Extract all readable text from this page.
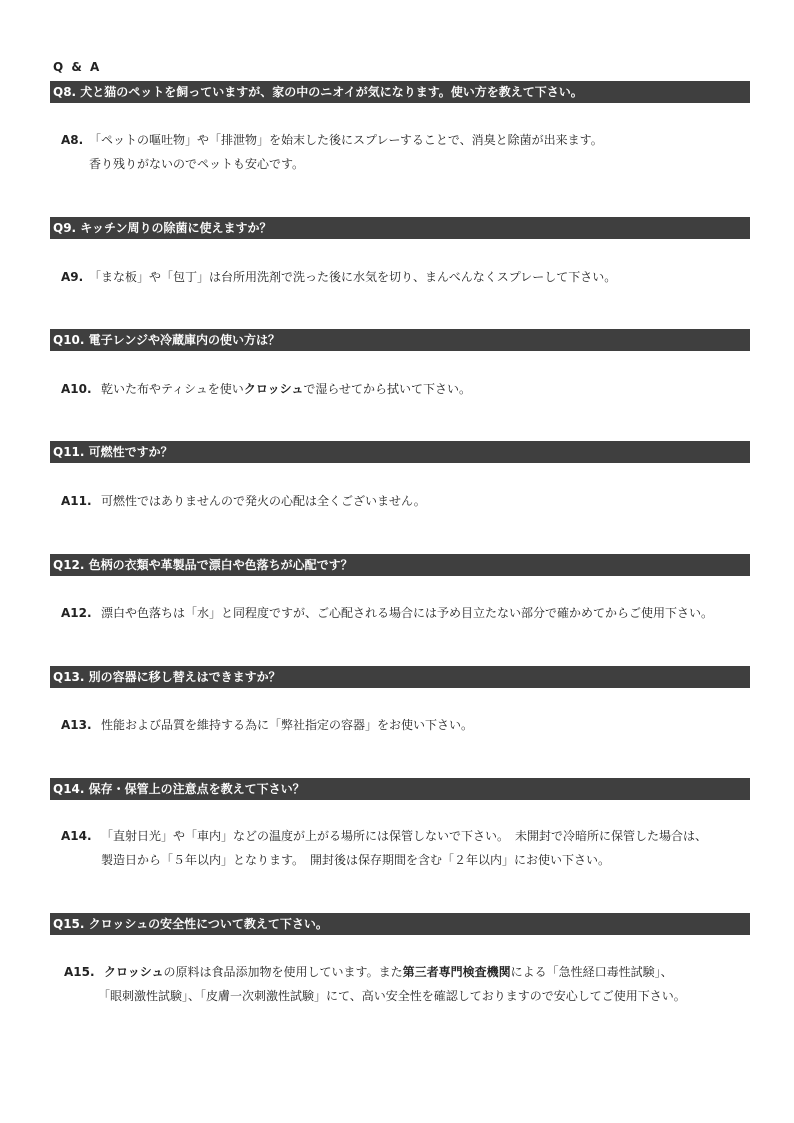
Q & A
Q8. 犬と猫のペットを飼っていますが、家の中のニオイが気になります。使い方を教えて下さい。
A8. 「ペットの嘔吐物」や「排泄物」を始末した後にスプレーすることで、消臭と除菌が出来ます。
香り残りがないのでペットも安心です。
Q9. キッチン周りの除菌に使えますか？
A9. 「まな板」や「包丁」は台所用洗剤で洗った後に水気を切り、まんべんなくスプレーして下さい。
Q10. 電子レンジや冷蔵庫内の使い方は？
A10. 乾いた布やティシュを使いクロッシュで湿らせてから拭いて下さい。
Q11. 可燃性ですか？
A11. 可燃性ではありませんので発火の心配は全くございません。
Q12. 色柄の衣類や革製品で漂白や色落ちが心配です？
A12. 漂白や色落ちは「水」と同程度ですが、ご心配される場合には予め目立たない部分で確かめてからご使用下さい。
Q13. 別の容器に移し替えはできますか？
A13. 性能および品質を維持する為に「弊社指定の容器」をお使い下さい。
Q14. 保存・保管上の注意点を教えて下さい？
A14. 「直射日光」や「車内」などの温度が上がる場所には保管しないで下さい。　未開封で冷暗所に保管した場合は、
製造日から「５年以内」となります。　開封後は保存期間を含む「２年以内」にお使い下さい。
Q15. クロッシュの安全性について教えて下さい。
A15. クロッシュの原料は食品添加物を使用しています。また第三者専門検査機関による「急性経口毒性試験」、
「眼刺激性試験」、「皮膚一次刺激性試験」にて、高い安全性を確認しておりますので安心してご使用下さい。
